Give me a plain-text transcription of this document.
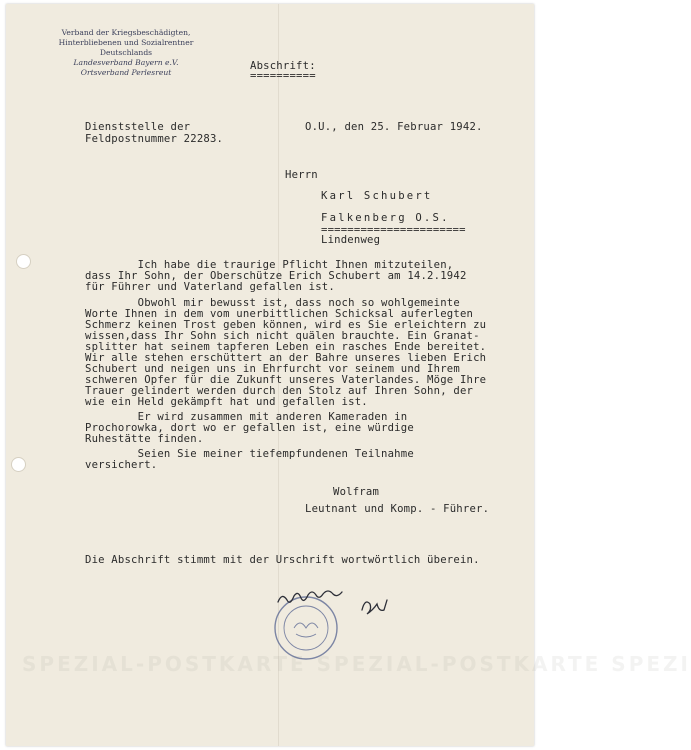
SPEZIAL-POSTKARTE SPEZIAL-POSTKARTE SPEZI
Verband der Kriegsbeschädigten,
Hinterbliebenen und Sozialrentner
Deutschlands
Landesverband Bayern e.V.
Ortsverband Perlesreut
Abschrift:
==========
Dienststelle der
Feldpostnummer 22283.
O.U., den 25. Februar 1942.
Herrn
Karl Schubert
Falkenberg O.S.
======================
Lindenweg
Ich habe die traurige Pflicht Ihnen mitzuteilen,
dass Ihr Sohn, der Oberschütze Erich Schubert am 14.2.1942
für Führer und Vaterland gefallen ist.
Obwohl mir bewusst ist, dass noch so wohlgemeinte
Worte Ihnen in dem vom unerbittlichen Schicksal auferlegten
Schmerz keinen Trost geben können, wird es Sie erleichtern zu
wissen,dass Ihr Sohn sich nicht quälen brauchte. Ein Granat-
splitter hat seinem tapferen Leben ein rasches Ende bereitet.
Wir alle stehen erschüttert an der Bahre unseres lieben Erich
Schubert und neigen uns in Ehrfurcht vor seinem und Ihrem
schweren Opfer für die Zukunft unseres Vaterlandes. Möge Ihre
Trauer gelindert werden durch den Stolz auf Ihren Sohn, der
wie ein Held gekämpft hat und gefallen ist.
Er wird zusammen mit anderen Kameraden in
Prochorowka, dort wo er gefallen ist, eine würdige
Ruhestätte finden.
Seien Sie meiner tiefempfundenen Teilnahme
versichert.
Wolfram
Leutnant und Komp. - Führer.
Die Abschrift stimmt mit der Urschrift wortwörtlich überein.
